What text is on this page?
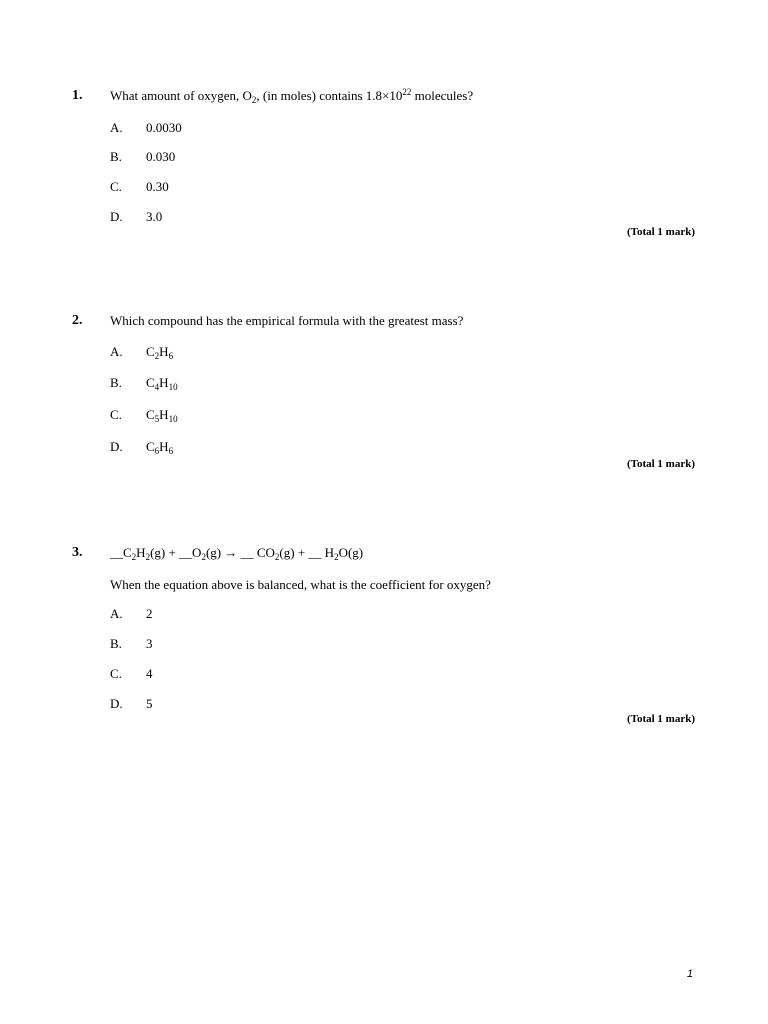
1. What amount of oxygen, $O_2$, (in moles) contains $1.8\times 10^{22}$ molecules?
A. 0.0030
B. 0.030
C. 0.30
D. 3.0
(Total 1 mark)
2. Which compound has the empirical formula with the greatest mass?
A. $C_2H_6$
B. $C_4H_{10}$
C. $C_5H_{10}$
D. $C_6H_6$
(Total 1 mark)
3. $\_\_C_2H_2(g)$ + $\_\_O_2(g)$ → __ $CO_2(g)$ + __ $H_2O(g)$
When the equation above is balanced, what is the coefficient for oxygen?
A. 2
B. 3
C. 4
D. 5
(Total 1 mark)
1
